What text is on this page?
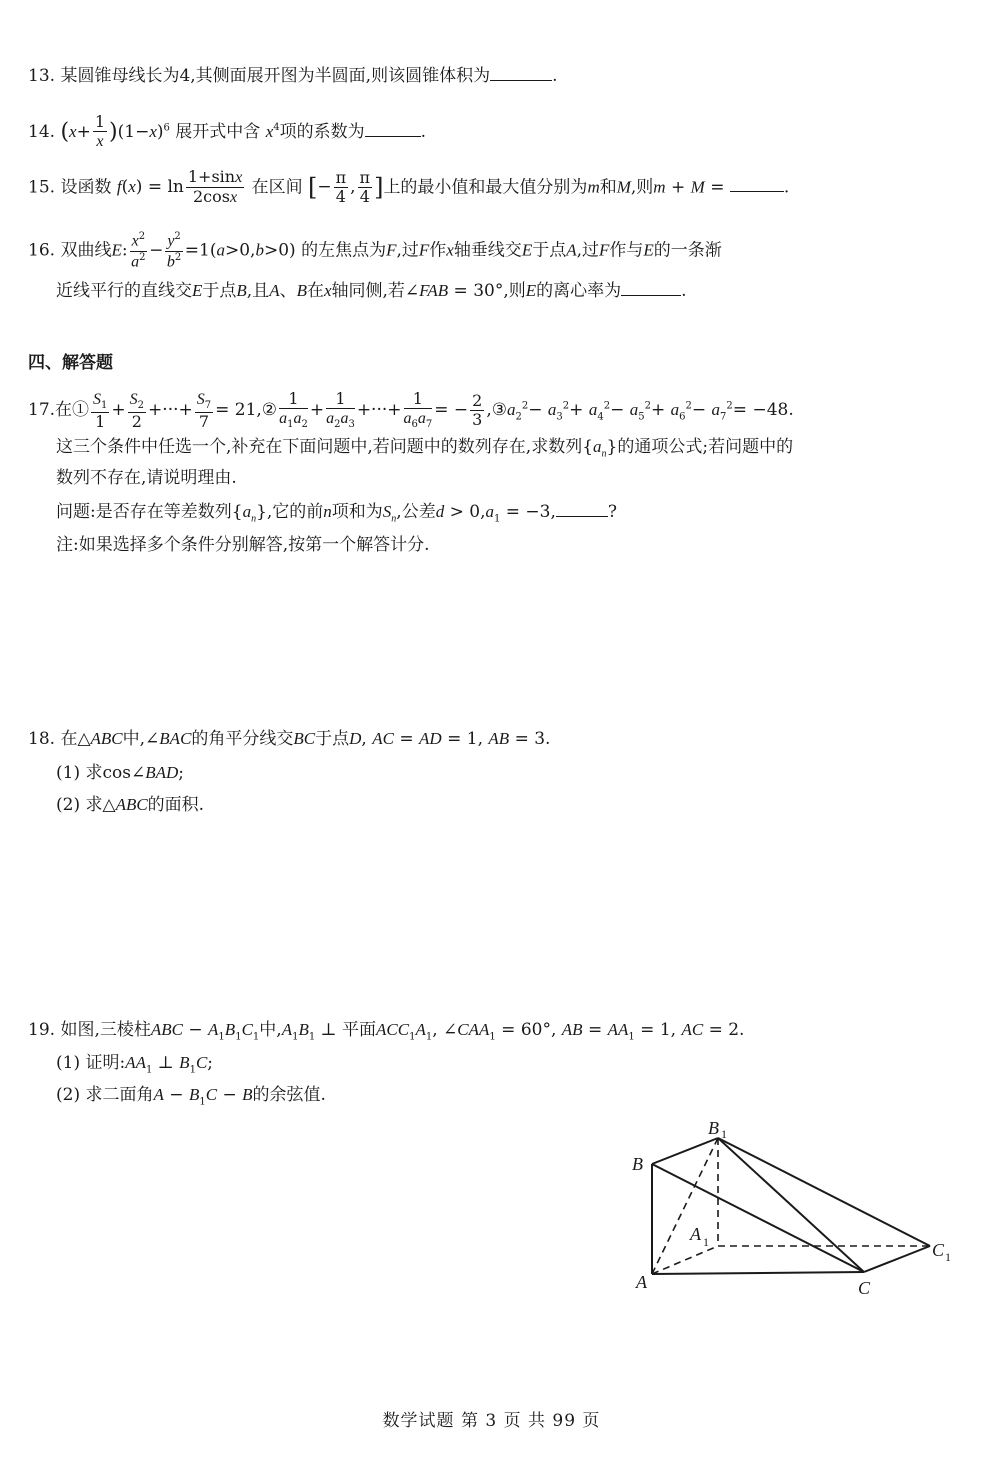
13. 某圆锥母线长为4,其侧面展开图为半圆面,则该圆锥体积为	.
14. $(x+ \frac{1}{x} )(1-x)^6$ 展开式中含 $x^4$项的系数为	.
15. 设函数 $f(x) = \ln \frac{1+\sin x}{2\cos x}$ 在区间 [− $\frac{\pi}{4}$ , $\frac{\pi}{4}$ ]上的最小值和最大值分别为m和M,则m + M =	.
16. 双曲线E: $\frac{x^2}{a^2} - \frac{y^2}{b^2} =1(a>0,b>0)$ 的左焦点为F,过F作x轴垂线交E于点A,过F作与E的一条渐
近线平行的直线交E于点B,且A、B在x轴同侧,若∠FAB = 30°,则E的离心率为	.
四、解答题
17.在① $\frac{S_1}{1} + \frac{S_2}{2}$ +···+ $\frac{S_7}{7}$ = 21,② $\frac{1}{a_1a_2} + \frac{1}{a_2a_3}$ +···+ $\frac{1}{a_6a_7}$ = − $\frac{2}{3}$ $,③a_2^2- a_3^2+ a_4^2- a_5^2+ a_6^2- a_7^2= -48$.
这三个条件中任选一个,补充在下面问题中,若问题中的数列存在,求数列$\{a_n\}$的通项公式;若问题中的
数列不存在,请说明理由.
问题:是否存在等差数列$\{a_n\}$,它的前n项和为$S_n$,公差$d > 0,a_1 = -3$,	?
注:如果选择多个条件分别解答,按第一个解答计分.
18. 在△ABC中,∠BAC的角平分线交BC于点D, AC = AD = 1, AB = 3.
(1) 求cos∠BAD;
(2) 求△ABC的面积.
19. 如图,三棱柱ABC − $A_1B_1C_1$中$,A_1B_1$ ⊥ 平面$ACC_1A_1$, $\angle CAA_1 = 60^\circ$, AB = $AA_1 = 1$, AC = 2.
(1) 证明$:AA_1$ ⊥ $B_1C$;
(2) 求二面角$A - B_1C - B$的余弦值.
B
B 1
A 1
A	C
C 1
数学试题 第 3 页 共 99 页
